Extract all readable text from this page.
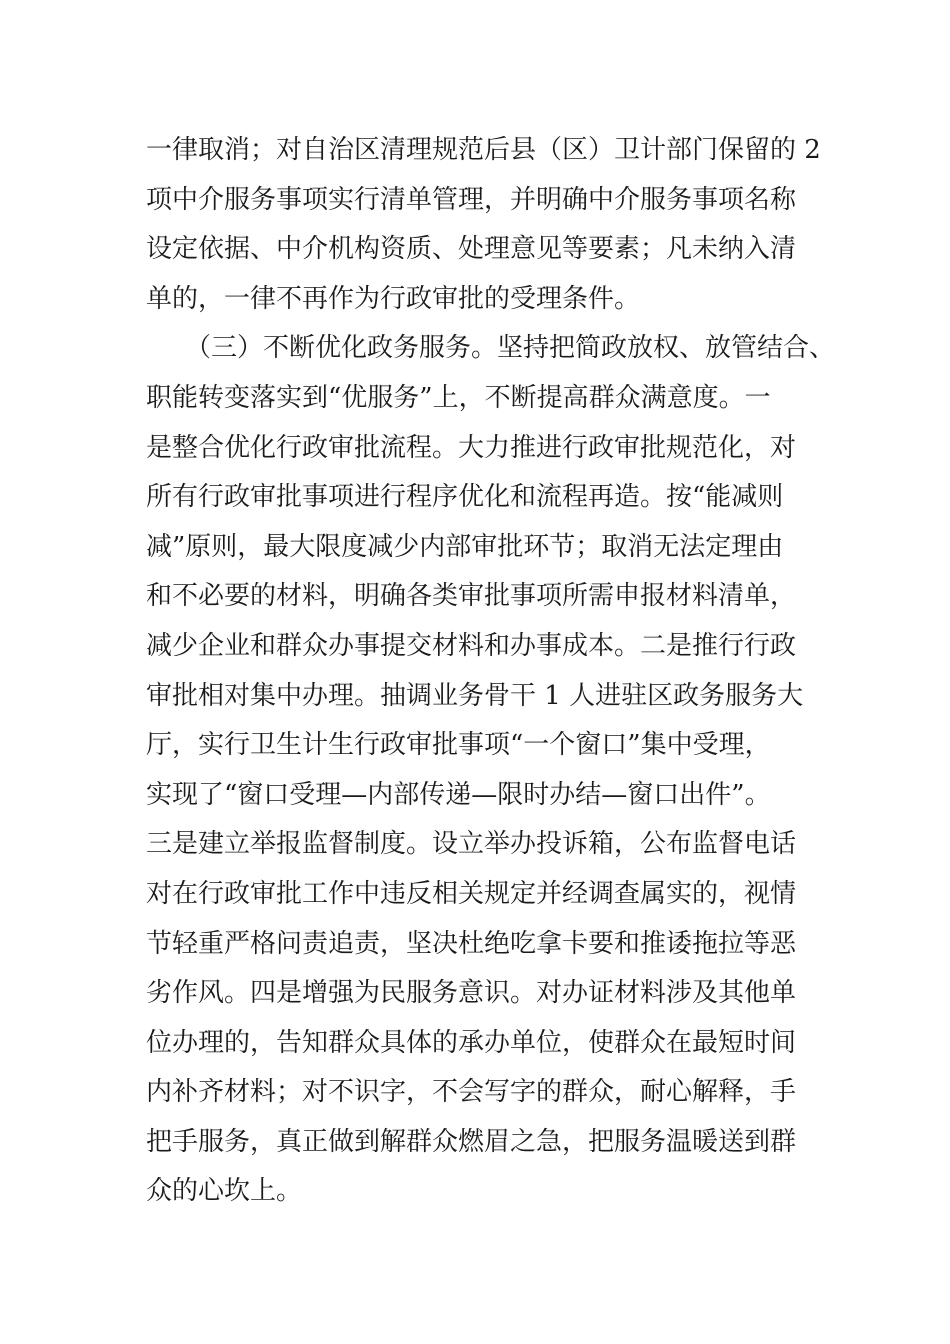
一律取消；对自治区清理规范后县（区）卫计部门保留的 2
项中介服务事项实行清单管理，并明确中介服务事项名称
设定依据、中介机构资质、处理意见等要素；凡未纳入清
单的，一律不再作为行政审批的受理条件。
　　（三）不断优化政务服务。坚持把简政放权、放管结合、
职能转变落实到“优服务”上，不断提高群众满意度。一
是整合优化行政审批流程。大力推进行政审批规范化，对
所有行政审批事项进行程序优化和流程再造。按“能减则
减”原则，最大限度减少内部审批环节；取消无法定理由
和不必要的材料，明确各类审批事项所需申报材料清单，
减少企业和群众办事提交材料和办事成本。二是推行行政
审批相对集中办理。抽调业务骨干 1 人进驻区政务服务大
厅，实行卫生计生行政审批事项“一个窗口”集中受理，
实现了“窗口受理—内部传递—限时办结—窗口出件”。
三是建立举报监督制度。设立举办投诉箱，公布监督电话
对在行政审批工作中违反相关规定并经调查属实的，视情
节轻重严格问责追责，坚决杜绝吃拿卡要和推诿拖拉等恶
劣作风。四是增强为民服务意识。对办证材料涉及其他单
位办理的，告知群众具体的承办单位，使群众在最短时间
内补齐材料；对不识字，不会写字的群众，耐心解释，手
把手服务，真正做到解群众燃眉之急，把服务温暖送到群
众的心坎上。
